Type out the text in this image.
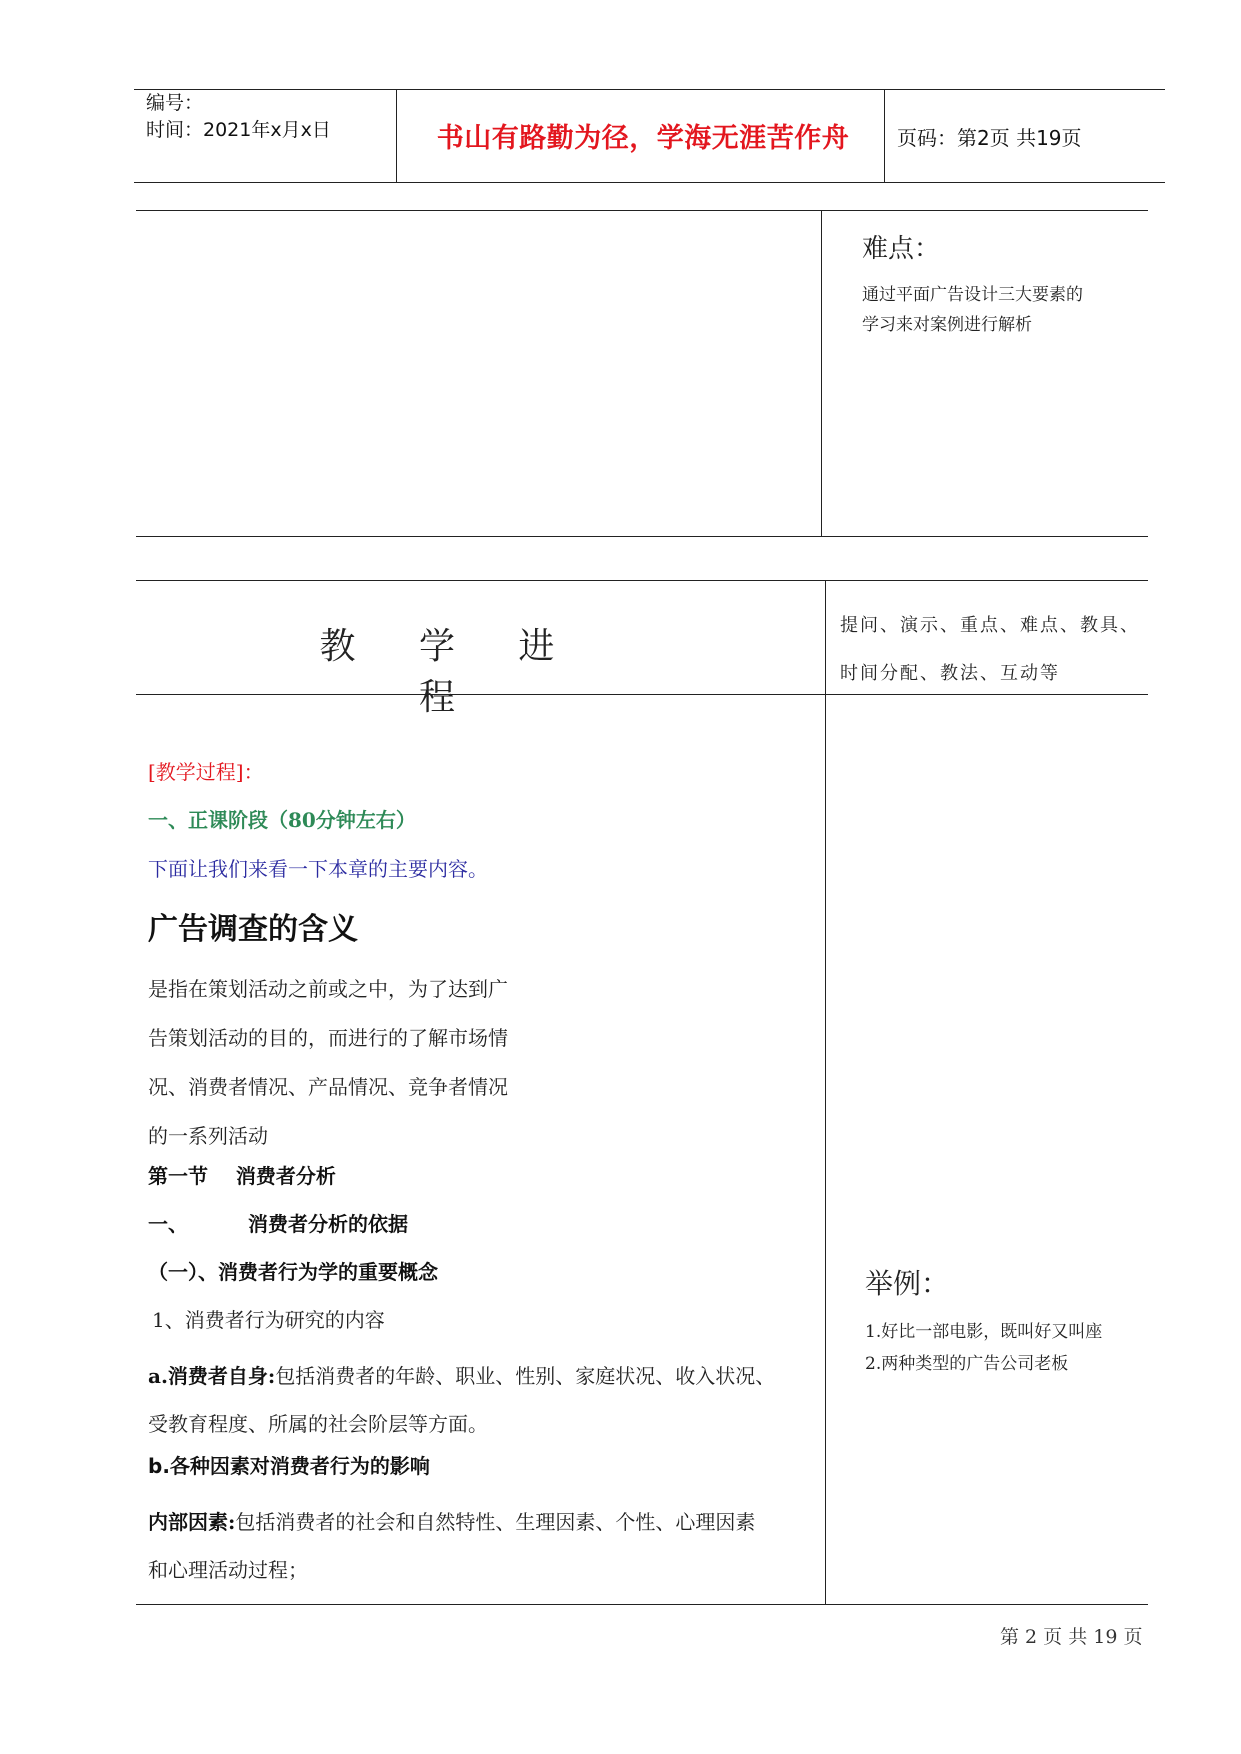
编号：
时间：2021年x月x日	书山有路勤为径，学海无涯苦作舟	页码：第2页 共19页
难点：
通过平面广告设计三大要素的
学习来对案例进行解析
教 学 进 程
提问、演示、重点、难点、教具、
时间分配、教法、互动等
[教学过程]：
一、正课阶段（80分钟左右）
下面让我们来看一下本章的主要内容。
广告调查的含义
是指在策划活动之前或之中，为了达到广
告策划活动的目的，而进行的了解市场情
况、消费者情况、产品情况、竞争者情况
的一系列活动
第一节    消费者分析
一、	消费者分析的依据
（一）、消费者行为学的重要概念
1、消费者行为研究的内容
a.消费者自身:包括消费者的年龄、职业、性别、家庭状况、收入状况、
受教育程度、所属的社会阶层等方面。
b.各种因素对消费者行为的影响
内部因素:包括消费者的社会和自然特性、生理因素、个性、心理因素
和心理活动过程；
举例：
1.好比一部电影，既叫好又叫座
2.两种类型的广告公司老板
第 2 页 共 19 页
